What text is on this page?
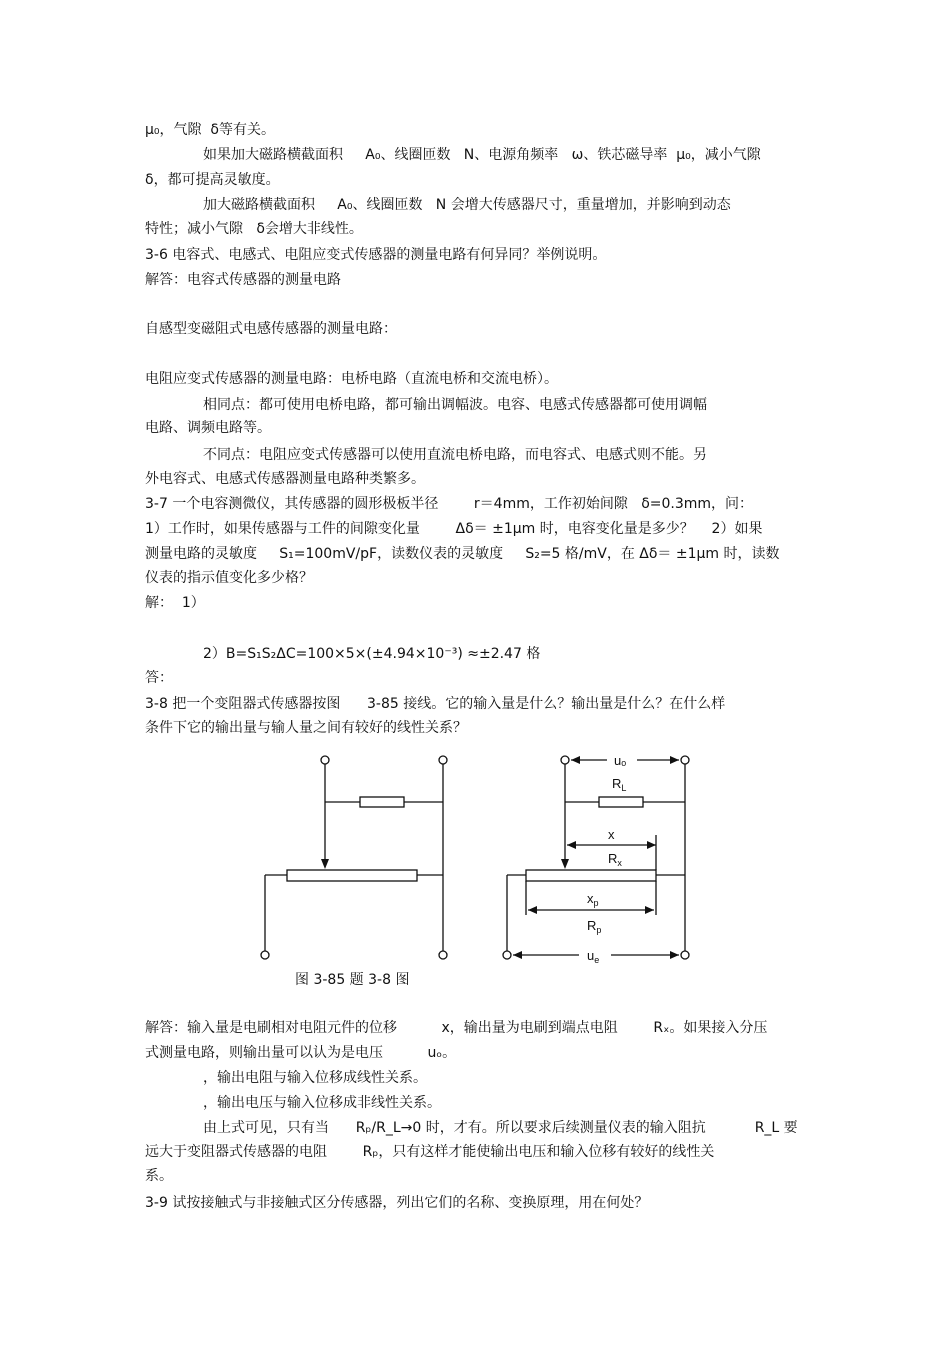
μ₀，气隙  δ等有关。
如果加大磁路横截面积     A₀、线圈匝数   N、电源角频率   ω、铁芯磁导率  μ₀，减小气隙
δ，都可提高灵敏度。
加大磁路横截面积     A₀、线圈匝数   N 会增大传感器尺寸，重量增加，并影响到动态
特性；减小气隙   δ会增大非线性。
3-6 电容式、电感式、电阻应变式传感器的测量电路有何异同？举例说明。
解答：电容式传感器的测量电路
自感型变磁阻式电感传感器的测量电路：
电阻应变式传感器的测量电路：电桥电路（直流电桥和交流电桥）。
相同点：都可使用电桥电路，都可输出调幅波。电容、电感式传感器都可使用调幅
电路、调频电路等。
不同点：电阻应变式传感器可以使用直流电桥电路，而电容式、电感式则不能。另
外电容式、电感式传感器测量电路种类繁多。
3-7 一个电容测微仪，其传感器的圆形极板半径        r＝4mm，工作初始间隙   δ=0.3mm，问：
1）工作时，如果传感器与工件的间隙变化量        Δδ＝ ±1μm 时，电容变化量是多少？    2）如果
测量电路的灵敏度     S₁=100mV/pF，读数仪表的灵敏度     S₂=5 格/mV，在 Δδ＝ ±1μm 时，读数
仪表的指示值变化多少格？
解：  1）
2）B=S₁S₂ΔC=100×5×(±4.94×10⁻³) ≈±2.47 格
答：
3-8 把一个变阻器式传感器按图      3-85 接线。它的输入量是什么？输出量是什么？在什么样
条件下它的输出量与输人量之间有较好的线性关系？
uₒ
$R_L$
x
$R_x$
$x_p$
$R_p$
$u_e$
图 3-85 题 3-8 图
解答：输入量是电刷相对电阻元件的位移          x，输出量为电刷到端点电阻        Rₓ。如果接入分压
式测量电路，则输出量可以认为是电压          uₒ。
，输出电阻与输入位移成线性关系。
，输出电压与输入位移成非线性关系。
由上式可见，只有当      Rₚ/R_L→0 时，才有。所以要求后续测量仪表的输入阻抗           R_L 要
远大于变阻器式传感器的电阻        Rₚ，只有这样才能使输出电压和输入位移有较好的线性关
系。
3-9 试按接触式与非接触式区分传感器，列出它们的名称、变换原理，用在何处？
